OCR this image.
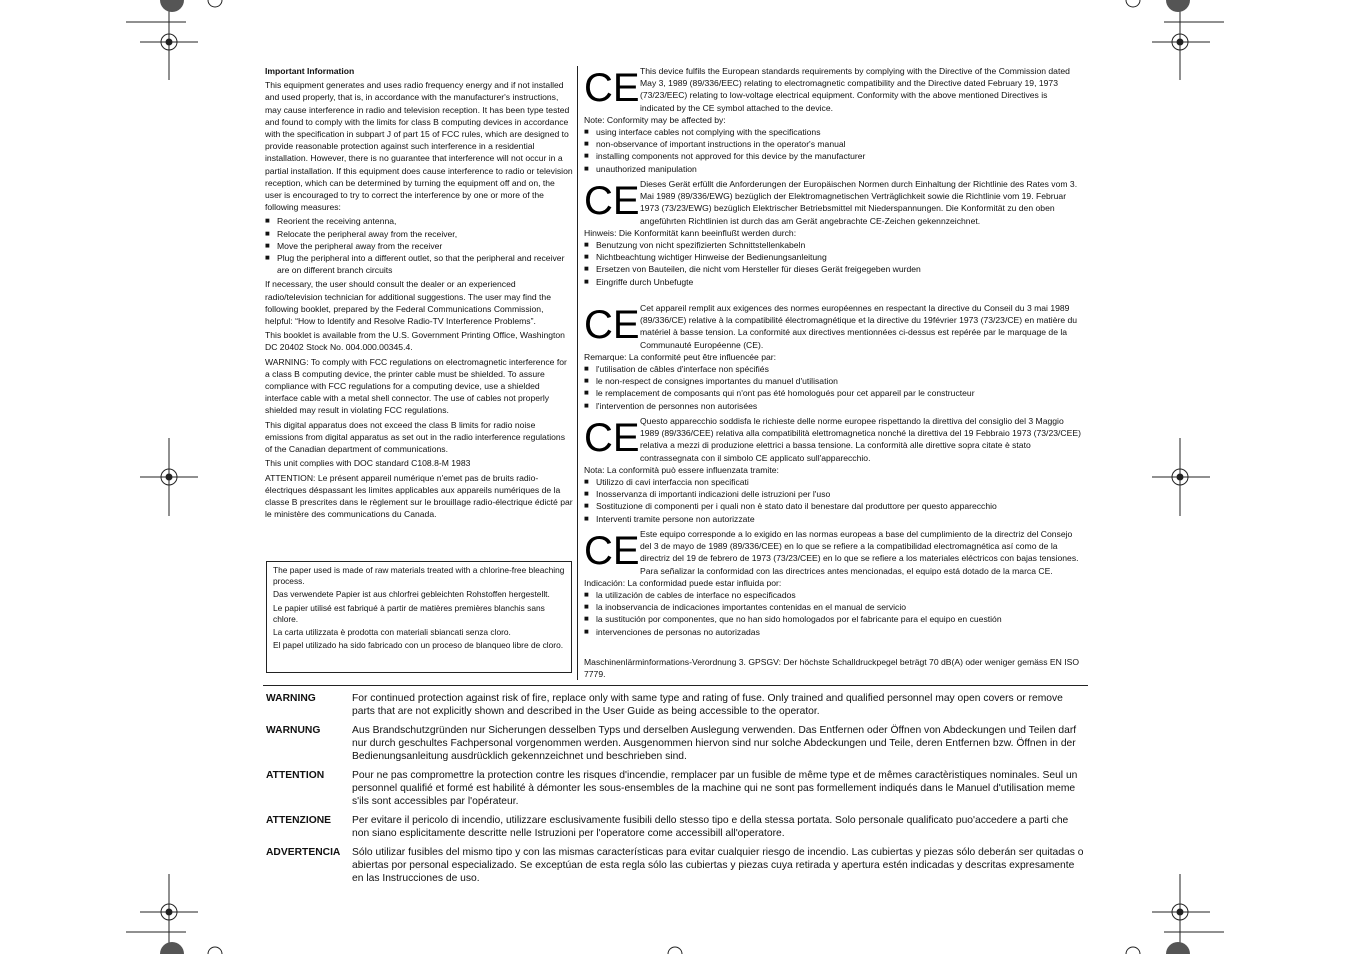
Important Information

This equipment generates and uses radio frequency energy and if not installed and used properly, that is, in accordance with the manufacturer's instructions, may cause interference in radio and television reception. It has been type tested and found to comply with the limits for class B computing devices in accordance with the specification in subpart J of part 15 of FCC rules, which are designed to provide reasonable protection against such interference in a residential installation. However, there is no guarantee that interference will not occur in a partial installation. If this equipment does cause interference to radio or television reception, which can be determined by turning the equipment off and on, the user is encouraged to try to correct the interference by one or more of the following measures:

■ Reorient the receiving antenna,
■ Relocate the peripheral away from the receiver,
■ Move the peripheral away from the receiver
■ Plug the peripheral into a different outlet, so that the peripheral and receiver are on different branch circuits

If necessary, the user should consult the dealer or an experienced radio/television technician for additional suggestions. The user may find the following booklet, prepared by the Federal Communications Commission, helpful: “How to Identify and Resolve Radio-TV Interference Problems”.

This booklet is available from the U.S. Government Printing Office, Washington DC 20402 Stock No. 004.000.00345.4.

WARNING: To comply with FCC regulations on electromagnetic interference for a class B computing device, the printer cable must be shielded. To assure compliance with FCC regulations for a computing device, use a shielded interface cable with a metal shell connector. The use of cables not properly shielded may result in violating FCC regulations.

This digital apparatus does not exceed the class B limits for radio noise emissions from digital apparatus as set out in the radio interference regulations of the Canadian department of communications.

This unit complies with DOC standard C108.8-M 1983

ATTENTION: Le présent appareil numérique n'emet pas de bruits radio-électriques déspassant les limites applicables aux appareils numériques de la classe B prescrites dans le règlement sur le brouillage radio-électrique édicté par le ministère des communications du Canada.

The paper used is made of raw materials treated with a chlorine-free bleaching process.

Das verwendete Papier ist aus chlorfrei gebleichten Rohstoffen hergestellt.

Le papier utilisé est fabriqué à partir de matières premières blanchis sans chlore.

La carta utilizzata è prodotta con materiali sbiancati senza cloro.

El papel utilizado ha sido fabricado con un proceso de blanqueo libre de cloro.

CE This device fulfils the European standards requirements by complying with the Directive of the Commission dated May 3, 1989 (89/336/EEC) relating to electromagnetic compatibility and the Directive dated February 19, 1973 (73/23/EEC) relating to low-voltage electrical equipment. Conformity with the above mentioned Directives is indicated by the CE symbol attached to the device.

Note: Conformity may be affected by:

■ using interface cables not complying with the specifications
■ non-observance of important instructions in the operator's manual
■ installing components not approved for this device by the manufacturer
■ unauthorized manipulation
CE Dieses Gerät erfüllt die Anforderungen der Europäischen Normen durch Einhaltung der Richtlinie des Rates vom 3. Mai 1989 (89/336/EWG) bezüglich der Elektromagnetischen Verträglichkeit sowie die Richtlinie vom 19. Februar 1973 (73/23/EWG) bezüglich Elektrischer Betriebsmittel mit Niederspannungen. Die Konformität zu den oben angeführten Richtlinien ist durch das am Gerät angebrachte CE-Zeichen gekennzeichnet.

Hinweis: Die Konformität kann beeinflußt werden durch:

■ Benutzung von nicht spezifizierten Schnittstellenkabeln
■ Nichtbeachtung wichtiger Hinweise der Bedienungsanleitung
■ Ersetzen von Bauteilen, die nicht vom Hersteller für dieses Gerät freigegeben wurden
■ Eingriffe durch Unbefugte
CE Cet appareil remplit aux exigences des normes européennes en respectant la directive du Conseil du 3 mai 1989 (89/336/CE) relative à la compatibilité électromagnétique et la directive du 19février 1973 (73/23/CE) en matière du matériel à basse tension. La conformité aux directives mentionnées ci-dessus est repérée par le marquage de la Communauté Européenne (CE).

Remarque: La conformité peut être influencée par:

■ l'utilisation de câbles d'interface non spécifiés
■ le non-respect de consignes importantes du manuel d'utilisation
■ le remplacement de composants qui n'ont pas été homologués pour cet appareil par le constructeur
■ l'intervention de personnes non autorisées
CE Questo apparecchio soddisfa le richieste delle norme europee rispettando la direttiva del consiglio del 3 Maggio 1989 (89/336/CEE) relativa alla compatibilità elettromagnetica nonché la direttiva del 19 Febbraio 1973 (73/23/CEE) relativa a mezzi di produzione elettrici a bassa tensione. La conformità alle direttive sopra citate è stato contrassegnata con il simbolo CE applicato sull'apparecchio.

Nota: La conformità può essere influenzata tramite:

■ Utilizzo di cavi interfaccia non specificati
■ Inosservanza di importanti indicazioni delle istruzioni per l'uso
■ Sostituzione di componenti per i quali non è stato dato il benestare dal produttore per questo apparecchio
■ Interventi tramite persone non autorizzate
CE Este equipo corresponde a lo exigido en las normas europeas a base del cumplimiento de la directriz del Consejo del 3 de mayo de 1989 (89/336/CEE) en lo que se refiere a la compatibilidad electromagnética así como de la directriz del 19 de febrero de 1973 (73/23/CEE) en lo que se refiere a los materiales eléctricos con bajas tensiones. Para señalizar la conformidad con las directrices antes mencionadas, el equipo está dotado de la marca CE.

Indicación: La conformidad puede estar influida por:

■ la utilización de cables de interface no especificados
■ la inobservancia de indicaciones importantes contenidas en el manual de servicio
■ la sustitución por componentes, que no han sido homologados por el fabricante para el equipo en cuestión
■ intervenciones de personas no autorizadas
Maschinenlärminformations-Verordnung 3. GPSGV: Der höchste Schalldruckpegel beträgt 70 dB(A) oder weniger gemäss EN ISO 7779.
WARNING	For continued protection against risk of fire, replace only with same type and rating of fuse. Only trained and qualified personnel may open covers or remove parts that are not explicitly shown and described in the User Guide as being accessible to the operator.
WARNUNG	Aus Brandschutzgründen nur Sicherungen desselben Typs und derselben Auslegung verwenden. Das Entfernen oder Öffnen von Abdeckungen und Teilen darf nur durch geschultes Fachpersonal vorgenommen werden. Ausgenommen hiervon sind nur solche Abdeckungen und Teile, deren Entfernen bzw. Öffnen in der Bedienungsanleitung ausdrücklich gekennzeichnet und beschrieben sind.
ATTENTION	Pour ne pas compromettre la protection contre les risques d'incendie, remplacer par un fusible de même type et de mêmes caractèristiques nominales. Seul un personnel qualifié et formé est habilité à démonter les sous-ensembles de la machine qui ne sont pas formellement indiqués dans le Manuel d'utilisation meme s'ils sont accessibles par l'opérateur.
ATTENZIONE Per evitare il pericolo di incendio, utilizzare esclusivamente fusibili dello stesso tipo e della stessa portata. Solo personale qualificato puo'accedere a parti che non siano esplicitamente descritte nelle Istruzioni per l'operatore come accessibill all'operatore.
ADVERTENCIA Sólo utilizar fusibles del mismo tipo y con las mismas características para evitar cualquier riesgo de incendio. Las cubiertas y piezas sólo deberán ser quitadas o abiertas por personal especializado. Se exceptúan de esta regla sólo las cubiertas y piezas cuya retirada y apertura estén indicadas y descritas expresamente en las Instrucciones de uso.
